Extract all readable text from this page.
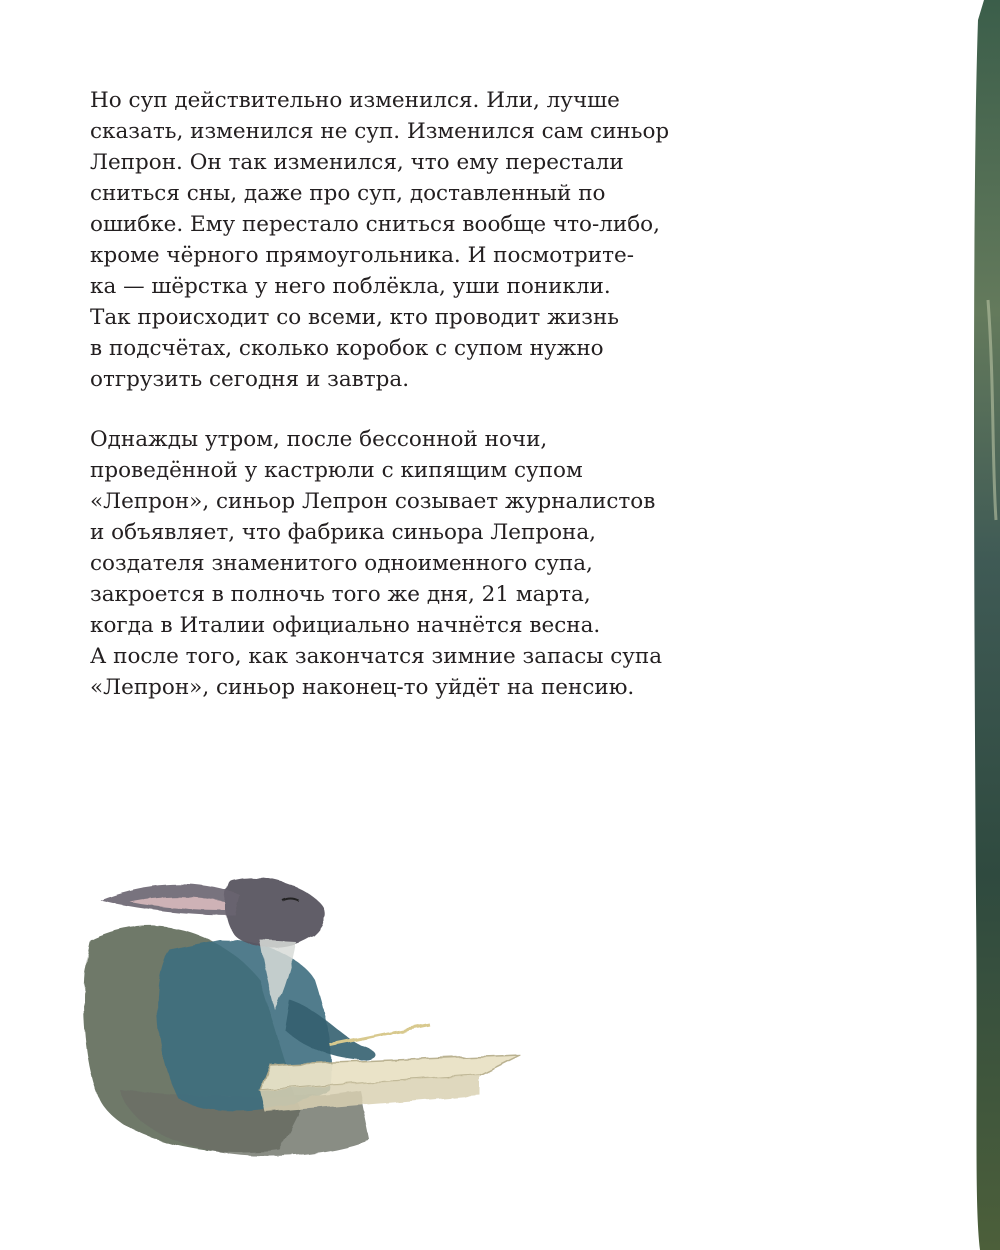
Но суп действительно изменился. Или, лучше
сказать, изменился не суп. Изменился сам синьор
Лепрон. Он так изменился, что ему перестали
сниться сны, даже про суп, доставленный по
ошибке. Ему перестало сниться вообще что-либо,
кроме чёрного прямоугольника. И посмотрите-
ка — шёрстка у него поблёкла, уши поникли.
Так происходит со всеми, кто проводит жизнь
в подсчётах, сколько коробок с супом нужно
отгрузить сегодня и завтра.

Однажды утром, после бессонной ночи,
проведённой у кастрюли с кипящим супом
«Лепрон», синьор Лепрон созывает журналистов
и объявляет, что фабрика синьора Лепрона,
создателя знаменитого одноименного супа,
закроется в полночь того же дня, 21 марта,
когда в Италии официально начнётся весна.
А после того, как закончатся зимние запасы супа
«Лепрон», синьор наконец-то уйдёт на пенсию.
